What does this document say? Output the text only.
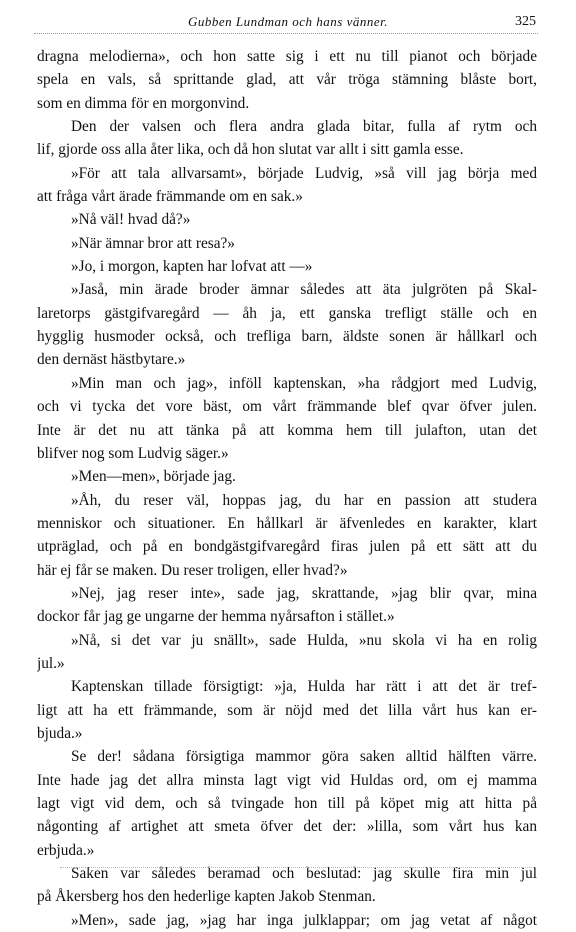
Gubben Lundman och hans vänner.	325
dragna melodierna», och hon satte sig i ett nu till pianot och började
spela en vals, så sprittande glad, att vår tröga stämning blåste bort,
som en dimma för en morgonvind.
Den der valsen och flera andra glada bitar, fulla af rytm och
lif, gjorde oss alla åter lika, och då hon slutat var allt i sitt gamla esse.
»För att tala allvarsamt», började Ludvig, »så vill jag börja med
att fråga vårt ärade främmande om en sak.»
»Nå väl! hvad då?»
»När ämnar bror att resa?»
»Jo, i morgon, kapten har lofvat att —»
»Jaså, min ärade broder ämnar således att äta julgröten på Skal-
laretorps gästgifvaregård — åh ja, ett ganska trefligt ställe och en
hygglig husmoder också, och trefliga barn, äldste sonen är hållkarl och
den dernäst hästbytare.»
»Min man och jag», inföll kaptenskan, »ha rådgjort med Ludvig,
och vi tycka det vore bäst, om vårt främmande blef qvar öfver julen.
Inte är det nu att tänka på att komma hem till julafton, utan det
blifver nog som Ludvig säger.»
»Men—men», började jag.
»Åh, du reser väl, hoppas jag, du har en passion att studera
menniskor och situationer. En hållkarl är äfvenledes en karakter, klart
utpräglad, och på en bondgästgifvaregård firas julen på ett sätt att du
här ej får se maken. Du reser troligen, eller hvad?»
»Nej, jag reser inte», sade jag, skrattande, »jag blir qvar, mina
dockor får jag ge ungarne der hemma nyårsafton i stället.»
»Nå, si det var ju snällt», sade Hulda, »nu skola vi ha en rolig
jul.»
Kaptenskan tillade försigtigt: »ja, Hulda har rätt i att det är tref-
ligt att ha ett främmande, som är nöjd med det lilla vårt hus kan er-
bjuda.»
Se der! sådana försigtiga mammor göra saken alltid hälften värre.
Inte hade jag det allra minsta lagt vigt vid Huldas ord, om ej mamma
lagt vigt vid dem, och så tvingade hon till på köpet mig att hitta på
någonting af artighet att smeta öfver det der: »lilla, som vårt hus kan
erbjuda.»
Saken var således beramad och beslutad: jag skulle fira min jul
på Åkersberg hos den hederlige kapten Jakob Stenman.
»Men», sade jag, »jag har inga julklappar; om jag vetat af något
